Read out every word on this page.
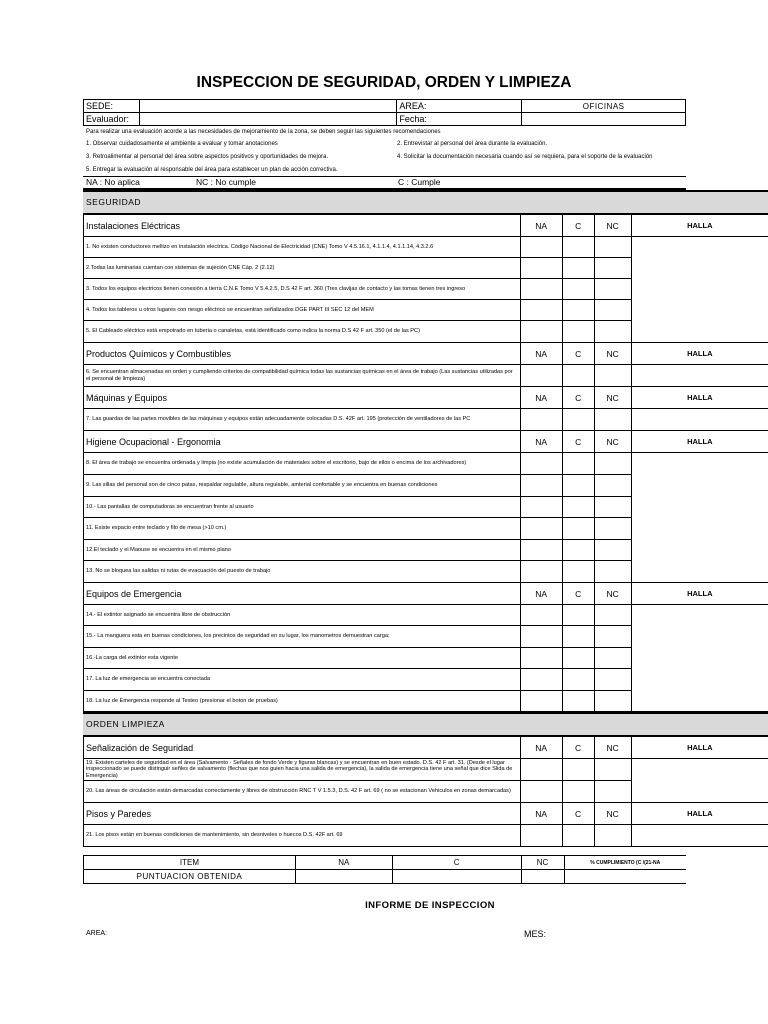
INSPECCION DE SEGURIDAD, ORDEN Y LIMPIEZA
SEDE:		AREA:	OFICINAS
Evaluador:		Fecha:	
Para realizar una evaluación acorde a las necesidades de mejoramiento de la zona, se deben seguir las siguientes recomendaciones
1. Observar cuidadosamente el ambiente a evaluar y tomar anotaciones	2. Entrevistar al personal del área durante la evaluación.
3. Retroalimentar al personal del área sobre aspectos positivos y oportunidades de mejora.	4. Solicitar la documentación necesaria cuando así se requiera, para el soporte de la evaluación
5. Entregar la evaluación al responsable del área para establecer un plan de acción correctiva.
NA : No aplica	NC : No cumple	C : Cumple
SEGURIDAD
Instalaciones Eléctricas	NA	C	NC	HALLA
1. No existen conductores mellizo en instalación electrica. Código Nacional de Electricidad (CNE) Tomo V 4.5.16.1, 4.1.1.4, 4.1.1.14, 4.3.2.6				
2.Todas las luminarias cuentan con sistemas de sujeción CNE Cáp. 2 (2.12)				
3. Todos los equipos electricos tienen conexión a tierra C.N.E Tomo V 5.4.2.5, D.S 42 F art. 360 (Tres clavijas de contacto y las tomas tienen tres ingreso				
4. Todos los tableros u otros lugares con riesgo eléctrico se encuentran señalizados DGE PART III SEC 12 del MEM				
5. El Cableado eléctrico está empotrado en tuberia o canaletas, está identificado como indica la norma D.S 42 F art. 350 (el de las PC)				
Productos Químicos y Combustibles	NA	C	NC	HALLA
6. Se encuentran almacenadas en orden y cumpliendo criterios de compatibilidad química todas las sustancias químicas en el área de trabajo (Las sustancias utilizadas por el personal de limpieza)				
Máquinas y Equipos	NA	C	NC	HALLA
7. Las guardas de las partes movibles de las máquinas y equipos están adecuadamente colocadas D.S. 42F art. 195 (protección de ventiladores de las PC				
Higiene Ocupacional - Ergonomia	NA	C	NC	HALLA
8. El área de trabajo se encuentra ordenada y limpia (no existe acumulación de materiales sobre el escritorio, bajo de ellos o encima de los archivadores)				
9. Las sillas del personal son de cinco patas, respaldar regulable, altura regulable, amterial confortable y se encuentra en buenas condiciones				
10.- Las pantallas de computadoras se encuentran frente al usuario				
11. Existe espacio entre teclado y filo de mesa (>10 cm.)				
12.El teclado y el Maouse se encuentra en el mismo plano				
13. No se bloquea las salidas ni rutas de evacuación del puesto de trabajo				
Equipos de Emergencia	NA	C	NC	HALLA
14.- El extintor asignado se encuentra libre de obstrucción				
15.- La manguera esta en buenas condiciones, los precintos de seguridad en su lugar, los manometros demuestran carga;				
16.-La carga del extintor esta vigente				
17. La luz de emergencia se encuentra conectada				
18. La luz de Emergencia responde al Testeo (presionar el boton de pruebas)				
ORDEN LIMPIEZA
Señalización de Seguridad	NA	C	NC	HALLA
19. Existen carteles de seguridad en el área (Salvamento - Señales de fondo Verde y figuras blancas) y se encuentran en buen estado. D.S. 42 F art. 31. (Desde el lugar inspeccionado se puede distinguir señles de salvamento (flechas que nos guien hacia una salida de emergencia), la salida de emergencia tiene una señal que dice Slida de Emergencia)				
20. Las áreas de circulación están demarcadas correctamente y libres de obstrucción RNC T V 1.5.3, D.S. 42 F art. 69 ( no se estacionan Vehiculos en zonas demarcadas)				
Pisos y Paredes	NA	C	NC	HALLA
21. Los pisos están en buenas condiciones de mantenimiento, sin desniveles o huecos D.S. 42F art. 69				
ITEM	NA	C	NC	% CUMPLIMIENTO (C /(21-NA
PUNTUACION OBTENIDA				
INFORME DE INSPECCION
AREA:	MES:
